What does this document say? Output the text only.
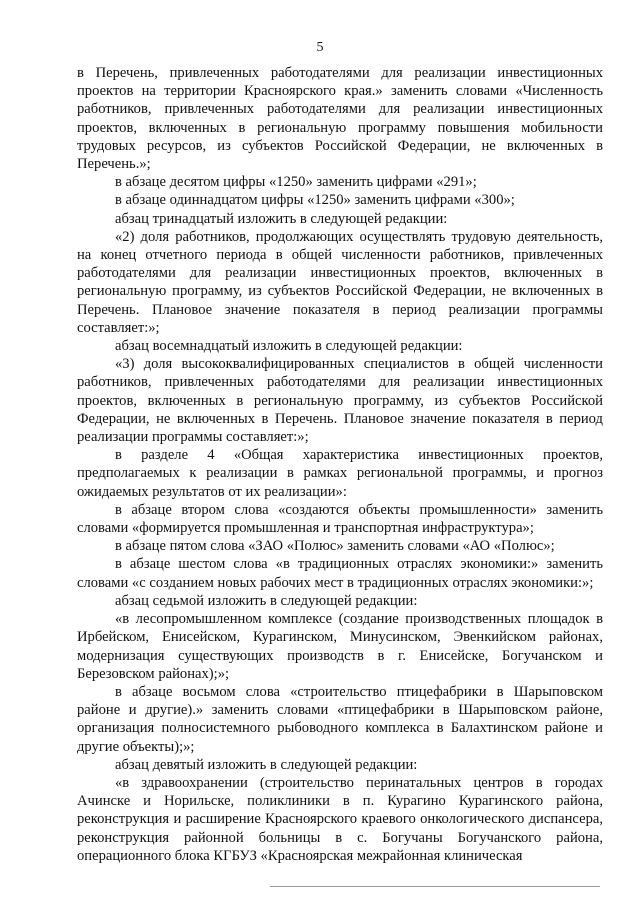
5

в Перечень, привлеченных работодателями для реализации инвестиционных проектов на территории Красноярского края.» заменить словами «Численность работников, привлеченных работодателями для реализации инвестиционных проектов, включенных в региональную программу повышения мобильности трудовых ресурсов, из субъектов Российской Федерации, не включенных в Перечень.»;

в абзаце десятом цифры «1250» заменить цифрами «291»;

в абзаце одиннадцатом цифры «1250» заменить цифрами «300»;

абзац тринадцатый изложить в следующей редакции:

«2) доля работников, продолжающих осуществлять трудовую деятельность, на конец отчетного периода в общей численности работников, привлеченных работодателями для реализации инвестиционных проектов, включенных в региональную программу, из субъектов Российской Федерации, не включенных в Перечень. Плановое значение показателя в период реализации программы составляет:»;

абзац восемнадцатый изложить в следующей редакции:

«3) доля высококвалифицированных специалистов в общей численности работников, привлеченных работодателями для реализации инвестиционных проектов, включенных в региональную программу, из субъектов Российской Федерации, не включенных в Перечень. Плановое значение показателя в период реализации программы составляет:»;

в разделе 4 «Общая характеристика инвестиционных проектов, предполагаемых к реализации в рамках региональной программы, и прогноз ожидаемых результатов от их реализации»:

в абзаце втором слова «создаются объекты промышленности» заменить словами «формируется промышленная и транспортная инфраструктура»;

в абзаце пятом слова «ЗАО «Полюс» заменить словами «АО «Полюс»;

в абзаце шестом слова «в традиционных отраслях экономики:» заменить словами «с созданием новых рабочих мест в традиционных отраслях экономики:»;

абзац седьмой изложить в следующей редакции:

«в лесопромышленном комплексе (создание производственных площадок в Ирбейском, Енисейском, Курагинском, Минусинском, Эвенкийском районах, модернизация существующих производств в г. Енисейске, Богучанском и Березовском районах);»;

в абзаце восьмом слова «строительство птицефабрики в Шарыповском районе и другие).» заменить словами «птицефабрики в Шарыповском районе, организация полносистемного рыбоводного комплекса в Балахтинском районе и другие объекты);»;

абзац девятый изложить в следующей редакции:

«в здравоохранении (строительство перинатальных центров в городах Ачинске и Норильске, поликлиники в п. Курагино Курагинского района, реконструкция и расширение Красноярского краевого онкологического диспансера, реконструкция районной больницы в с. Богучаны Богучанского района, операционного блока КГБУЗ «Красноярская межрайонная клиническая
